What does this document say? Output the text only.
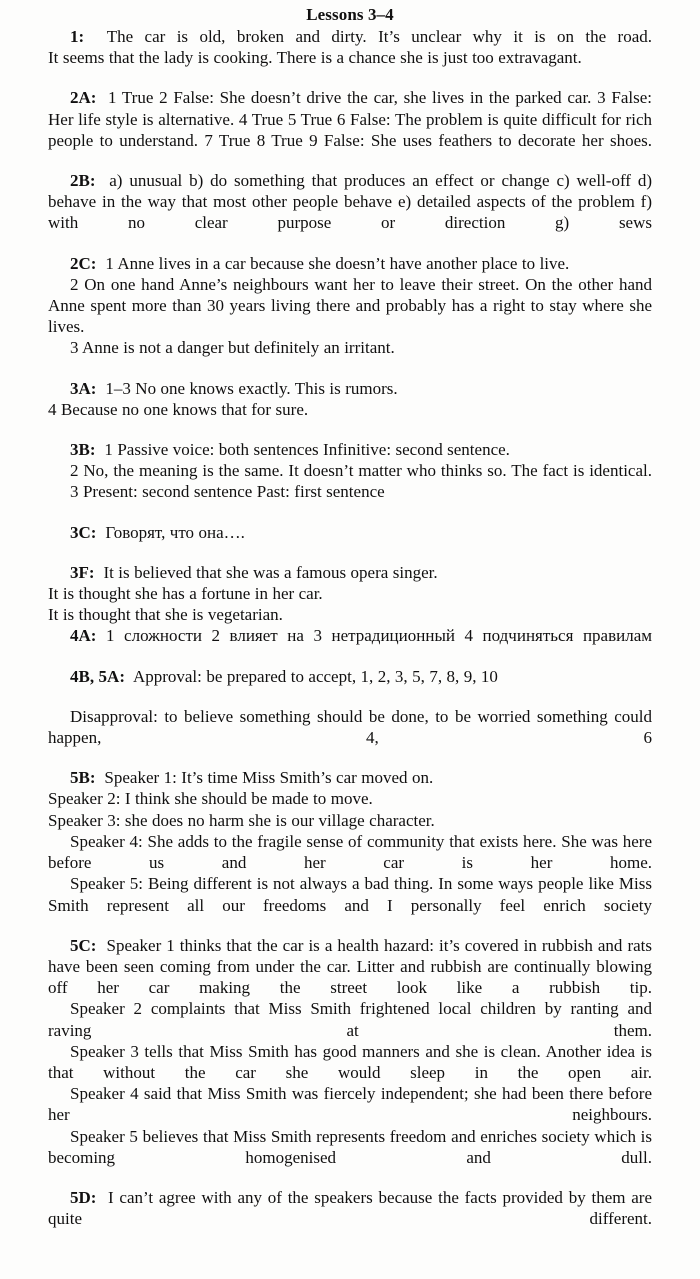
Lessons 3–4

1: The car is old, broken and dirty. It’s unclear why it is on the road.

It seems that the lady is cooking. There is a chance she is just too extravagant.

2A: 1 True 2 False: She doesn’t drive the car, she lives in the parked car. 3 False: Her life style is alternative. 4 True 5 True 6 False: The problem is quite difficult for rich people to understand. 7 True 8 True 9 False: She uses feathers to decorate her shoes.

2B: a) unusual b) do something that produces an effect or change c) well-off d) behave in the way that most other people behave e) detailed aspects of the problem f) with no clear purpose or direction g) sews

2C: 1 Anne lives in a car because she doesn’t have another place to live.

2 On one hand Anne’s neighbours want her to leave their street. On the other hand Anne spent more than 30 years living there and probably has a right to stay where she lives.

3 Anne is not a danger but definitely an irritant.

3A: 1–3 No one knows exactly. This is rumors.

4 Because no one knows that for sure.

3B: 1 Passive voice: both sentences Infinitive: second sentence.

2 No, the meaning is the same. It doesn’t matter who thinks so. The fact is identical.

3 Present: second sentence Past: first sentence

3C: Говорят, что она….

3F: It is believed that she was a famous opera singer.

It is thought she has a fortune in her car.

It is thought that she is vegetarian.

4A: 1 сложности 2 влияет на 3 нетрадиционный 4 подчиняться правилам

4B, 5A: Approval: be prepared to accept, 1, 2, 3, 5, 7, 8, 9, 10

Disapproval: to believe something should be done, to be worried something could happen, 4, 6

5B: Speaker 1: It’s time Miss Smith’s car moved on.

Speaker 2: I think she should be made to move.

Speaker 3: she does no harm she is our village character.

Speaker 4: She adds to the fragile sense of community that exists here. She was here before us and her car is her home.

Speaker 5: Being different is not always a bad thing. In some ways people like Miss Smith represent all our freedoms and I personally feel enrich society

5C: Speaker 1 thinks that the car is a health hazard: it’s covered in rubbish and rats have been seen coming from under the car. Litter and rubbish are continually blowing off her car making the street look like a rubbish tip.

Speaker 2 complaints that Miss Smith frightened local children by ranting and raving at them.

Speaker 3 tells that Miss Smith has good manners and she is clean. Another idea is that without the car she would sleep in the open air.

Speaker 4 said that Miss Smith was fiercely independent; she had been there before her neighbours.

Speaker 5 believes that Miss Smith represents freedom and enriches society which is becoming homogenised and dull.

5D: I can’t agree with any of the speakers because the facts provided by them are quite different.
